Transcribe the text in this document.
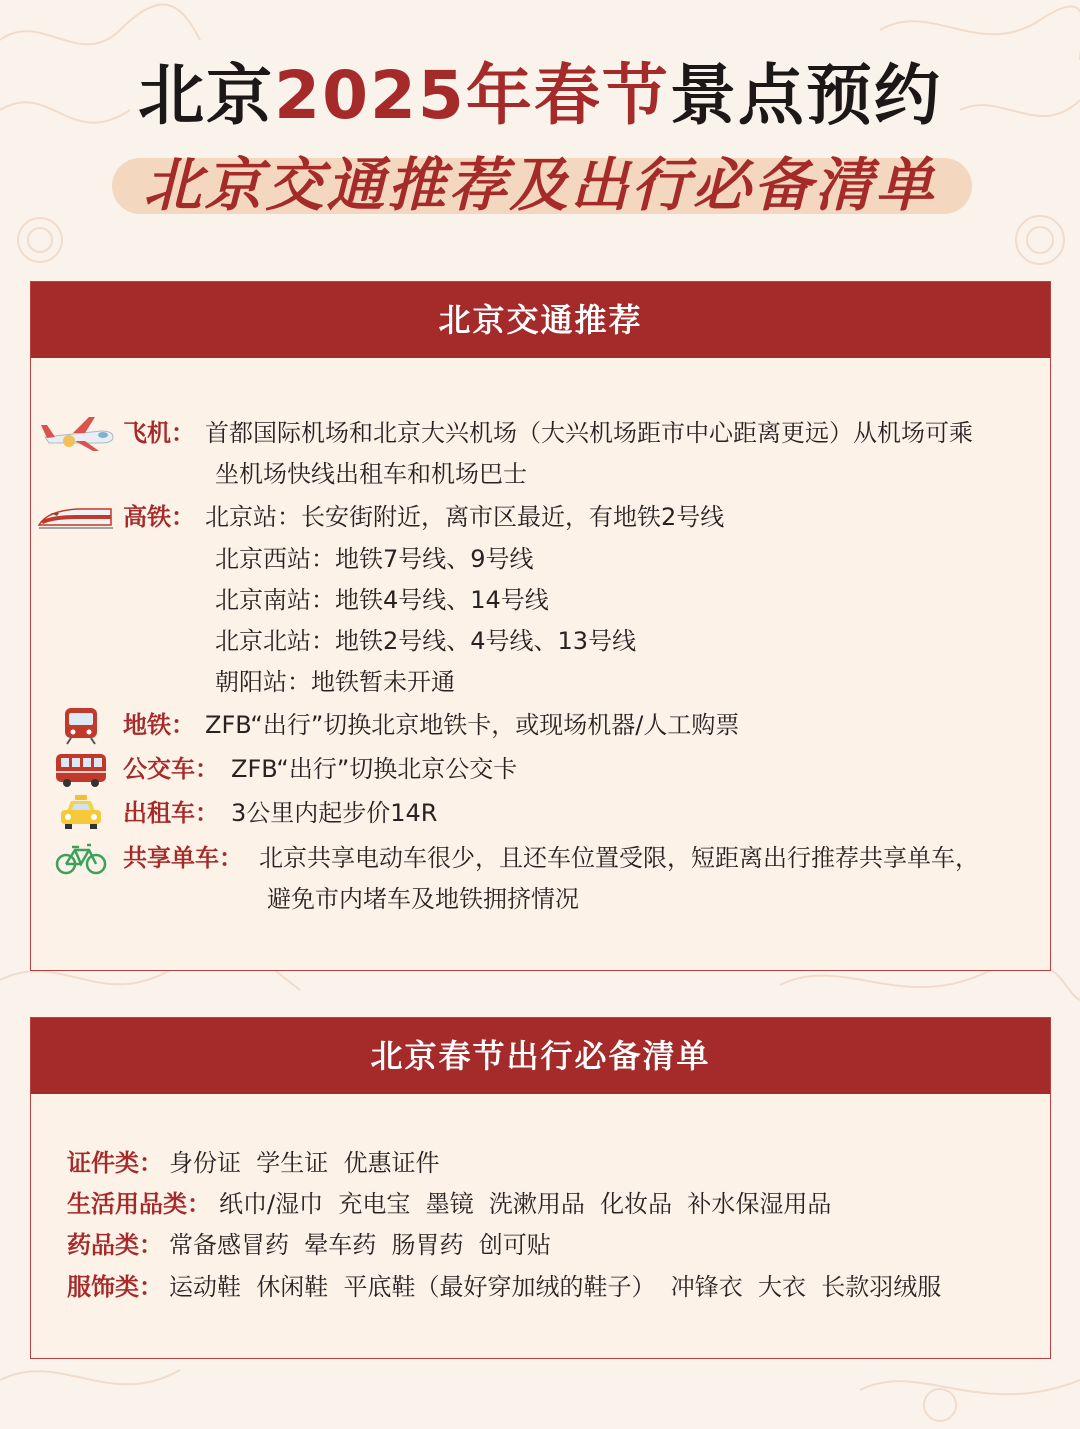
北京2025年春节景点预约
北京交通推荐及出行必备清单
北京交通推荐
飞机： 首都国际机场和北京大兴机场（大兴机场距市中心距离更远）从机场可乘
坐机场快线出租车和机场巴士
高铁： 北京站：长安街附近，离市区最近，有地铁2号线
北京西站：地铁7号线、9号线
北京南站：地铁4号线、14号线
北京北站：地铁2号线、4号线、13号线
朝阳站：地铁暂未开通
地铁： ZFB“出行”切换北京地铁卡，或现场机器/人工购票
公交车： ZFB“出行”切换北京公交卡
出租车： 3公里内起步价14R
共享单车： 北京共享电动车很少，且还车位置受限，短距离出行推荐共享单车，
避免市内堵车及地铁拥挤情况
北京春节出行必备清单
证件类： 身份证  学生证  优惠证件
生活用品类： 纸巾/湿巾  充电宝  墨镜  洗漱用品  化妆品  补水保湿用品
药品类： 常备感冒药  晕车药  肠胃药  创可贴
服饰类： 运动鞋  休闲鞋  平底鞋（最好穿加绒的鞋子）  冲锋衣  大衣  长款羽绒服
